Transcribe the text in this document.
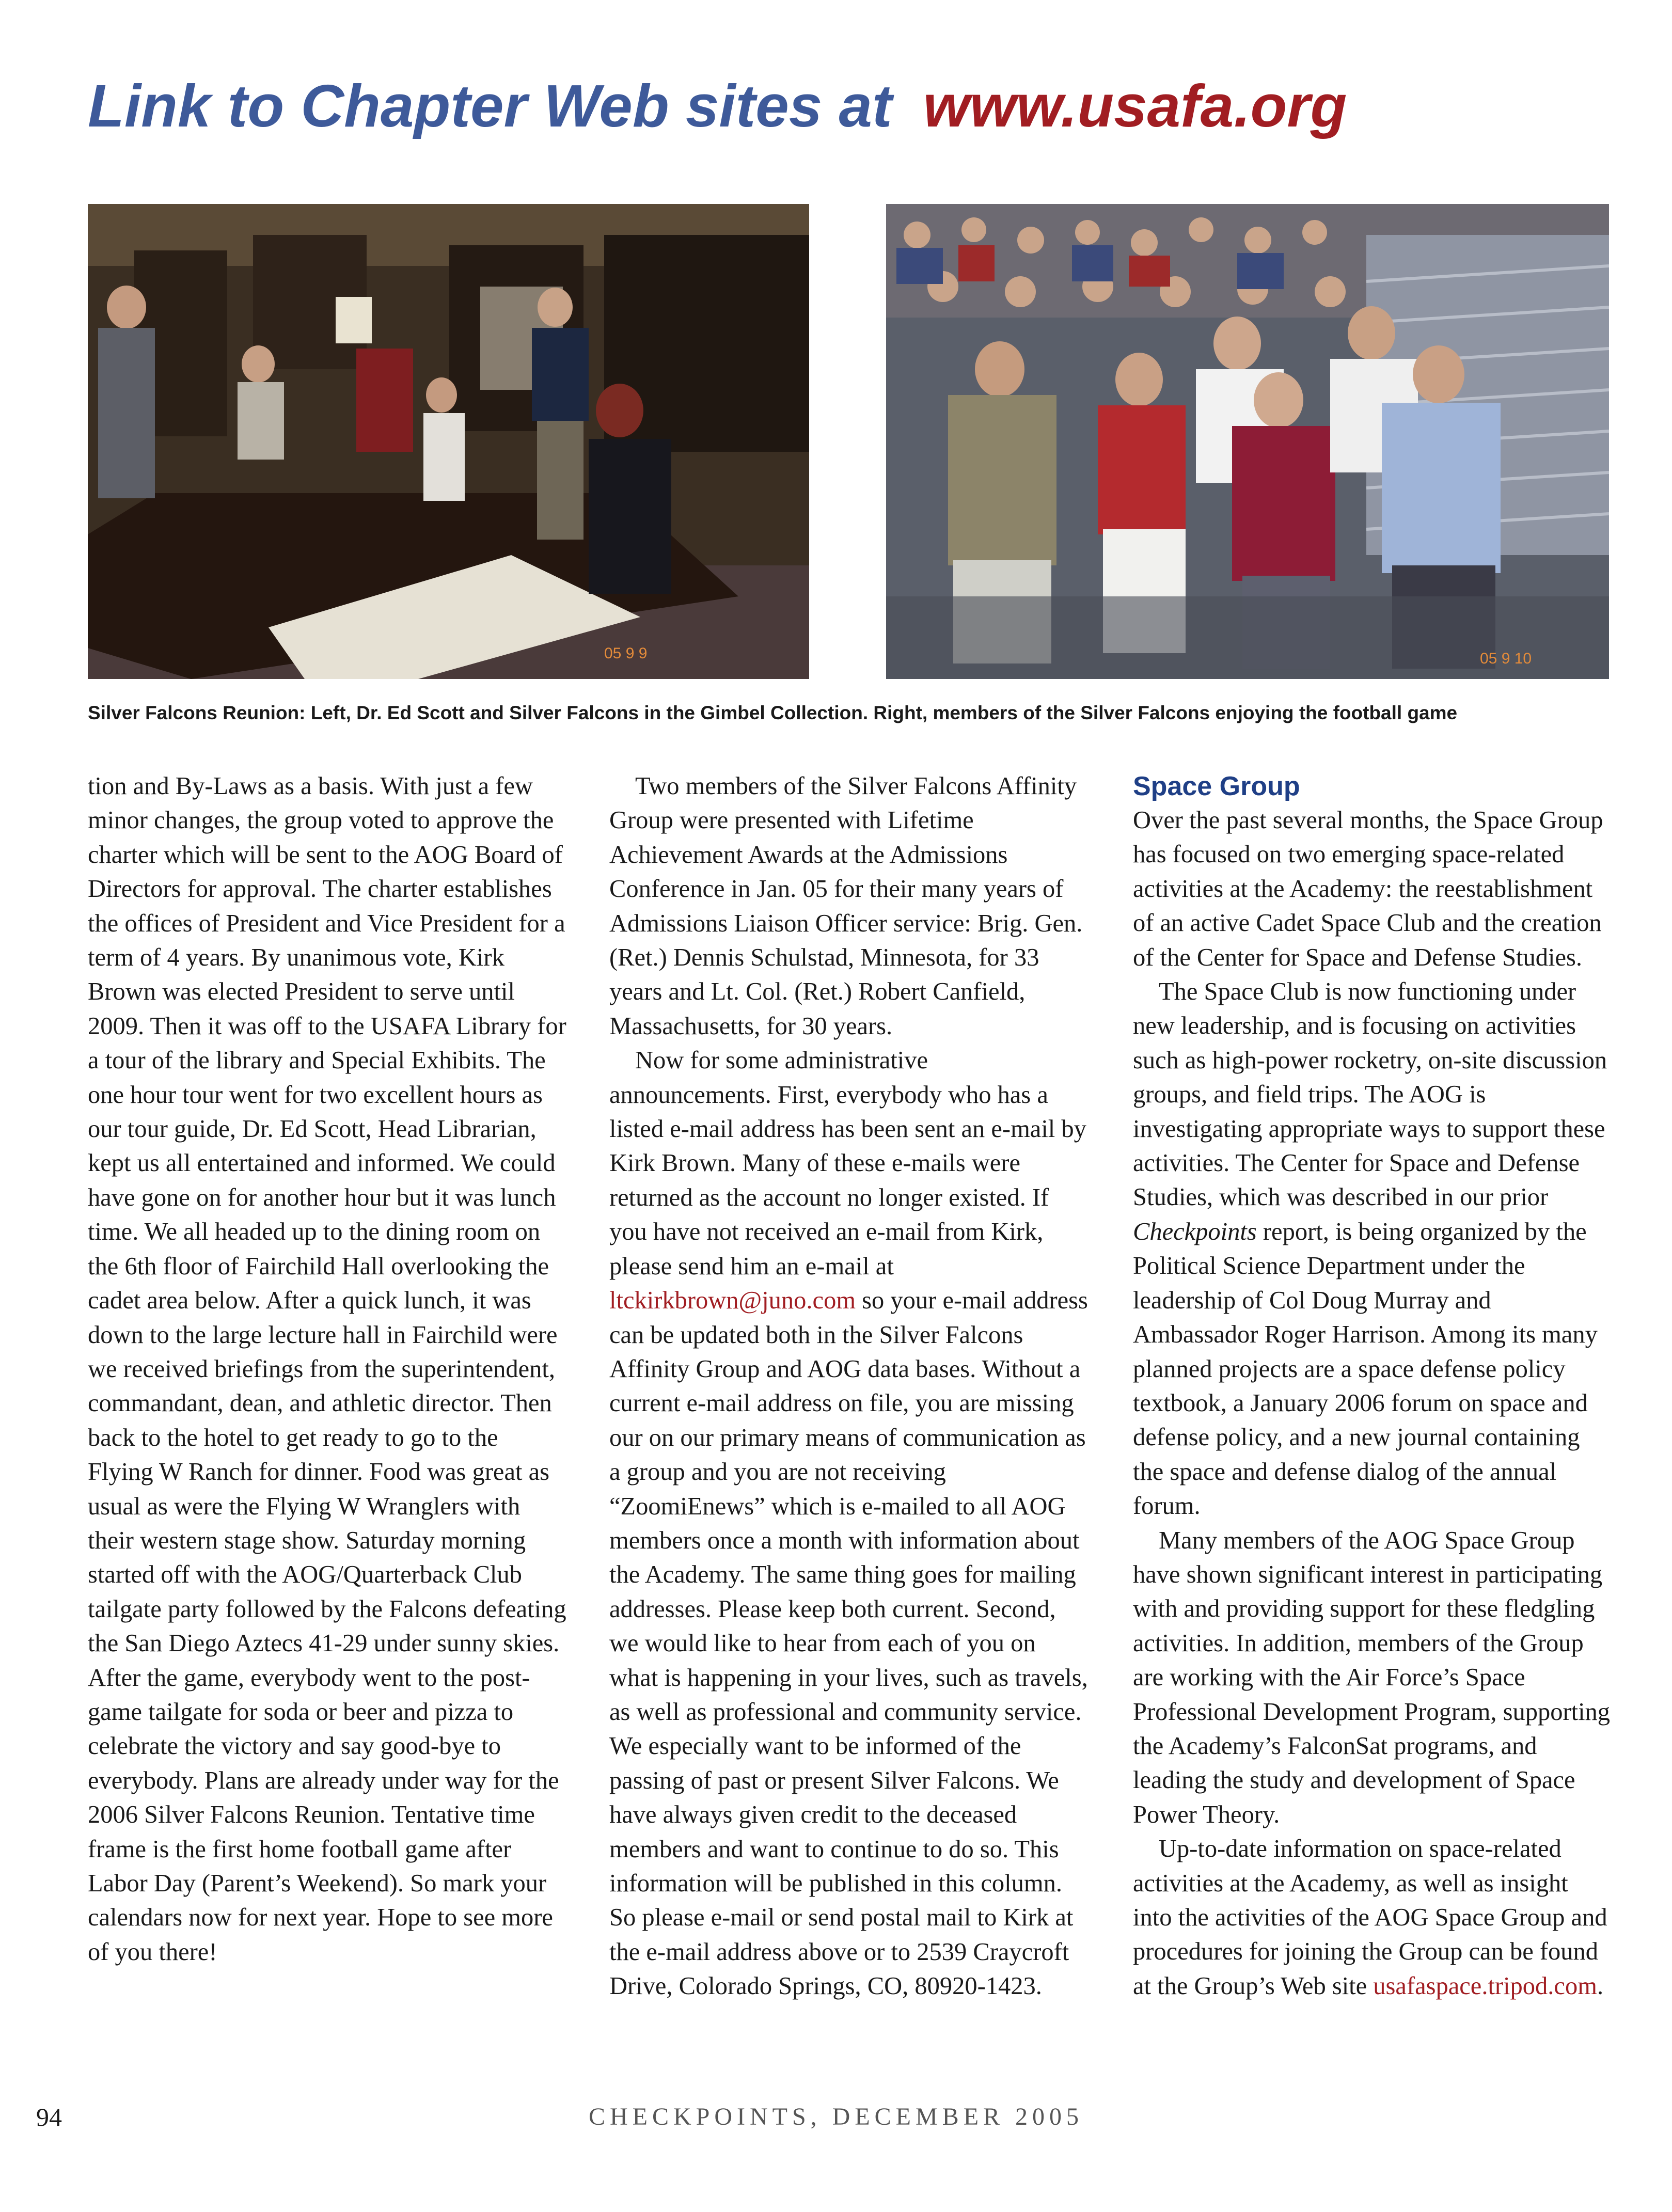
Link to Chapter Web sites at www.usafa.org
05 9 9	05 9 10
Silver Falcons Reunion: Left, Dr. Ed Scott and Silver Falcons in the Gimbel Collection. Right, members of the Silver Falcons enjoying the football game

tion and By-Laws as a basis. With just a few minor changes, the group voted to approve the charter which will be sent to the AOG Board of Directors for approval. The charter establishes the offices of President and Vice President for a term of 4 years. By unanimous vote, Kirk Brown was elected President to serve until 2009. Then it was off to the USAFA Library for a tour of the library and Special Exhibits. The one hour tour went for two excellent hours as our tour guide, Dr. Ed Scott, Head Librarian, kept us all entertained and informed. We could have gone on for another hour but it was lunch time. We all headed up to the dining room on the 6th floor of Fairchild Hall overlooking the cadet area below. After a quick lunch, it was down to the large lecture hall in Fairchild were we received briefings from the superintendent, commandant, dean, and athletic director. Then back to the hotel to get ready to go to the Flying W Ranch for dinner. Food was great as usual as were the Flying W Wranglers with their western stage show. Saturday morning started off with the AOG/Quarterback Club tailgate party followed by the Falcons defeating the San Diego Aztecs 41-29 under sunny skies. After the game, everybody went to the post-game tailgate for soda or beer and pizza to celebrate the victory and say good-bye to everybody. Plans are already under way for the 2006 Silver Falcons Reunion. Tentative time frame is the first home football game after Labor Day (Parent’s Weekend). So mark your calendars now for next year. Hope to see more of you there!

Two members of the Silver Falcons Affinity Group were presented with Lifetime Achievement Awards at the Admissions Conference in Jan. 05 for their many years of Admissions Liaison Officer service: Brig. Gen. (Ret.) Dennis Schulstad, Minnesota, for 33 years and Lt. Col. (Ret.) Robert Canfield, Massachusetts, for 30 years.

Now for some administrative announcements. First, everybody who has a listed e-mail address has been sent an e-mail by Kirk Brown. Many of these e-mails were returned as the account no longer existed. If you have not received an e-mail from Kirk, please send him an e-mail at ltckirkbrown@juno.com so your e-mail address can be updated both in the Silver Falcons Affinity Group and AOG data bases. Without a current e-mail address on file, you are missing our on our primary means of communication as a group and you are not receiving “ZoomiEnews” which is e-mailed to all AOG members once a month with information about the Academy. The same thing goes for mailing addresses. Please keep both current. Second, we would like to hear from each of you on what is happening in your lives, such as travels, as well as professional and community service. We especially want to be informed of the passing of past or present Silver Falcons. We have always given credit to the deceased members and want to continue to do so. This information will be published in this column. So please e-mail or send postal mail to Kirk at the e-mail address above or to 2539 Craycroft Drive, Colorado Springs, CO, 80920-1423.

Space Group

Over the past several months, the Space Group has focused on two emerging space-related activities at the Academy: the reestablishment of an active Cadet Space Club and the creation of the Center for Space and Defense Studies.

The Space Club is now functioning under new leadership, and is focusing on activities such as high-power rocketry, on-site discussion groups, and field trips. The AOG is investigating appropriate ways to support these activities. The Center for Space and Defense Studies, which was described in our prior Checkpoints report, is being organized by the Political Science Department under the leadership of Col Doug Murray and Ambassador Roger Harrison. Among its many planned projects are a space defense policy textbook, a January 2006 forum on space and defense policy, and a new journal containing the space and defense dialog of the annual forum.

Many members of the AOG Space Group have shown significant interest in participating with and providing support for these fledgling activities. In addition, members of the Group are working with the Air Force’s Space Professional Development Program, supporting the Academy’s FalconSat programs, and leading the study and development of Space Power Theory.

Up-to-date information on space-related activities at the Academy, as well as insight into the activities of the AOG Space Group and procedures for joining the Group can be found at the Group’s Web site usafaspace.tripod.com.

94	CHECKPOINTS, DECEMBER 2005
